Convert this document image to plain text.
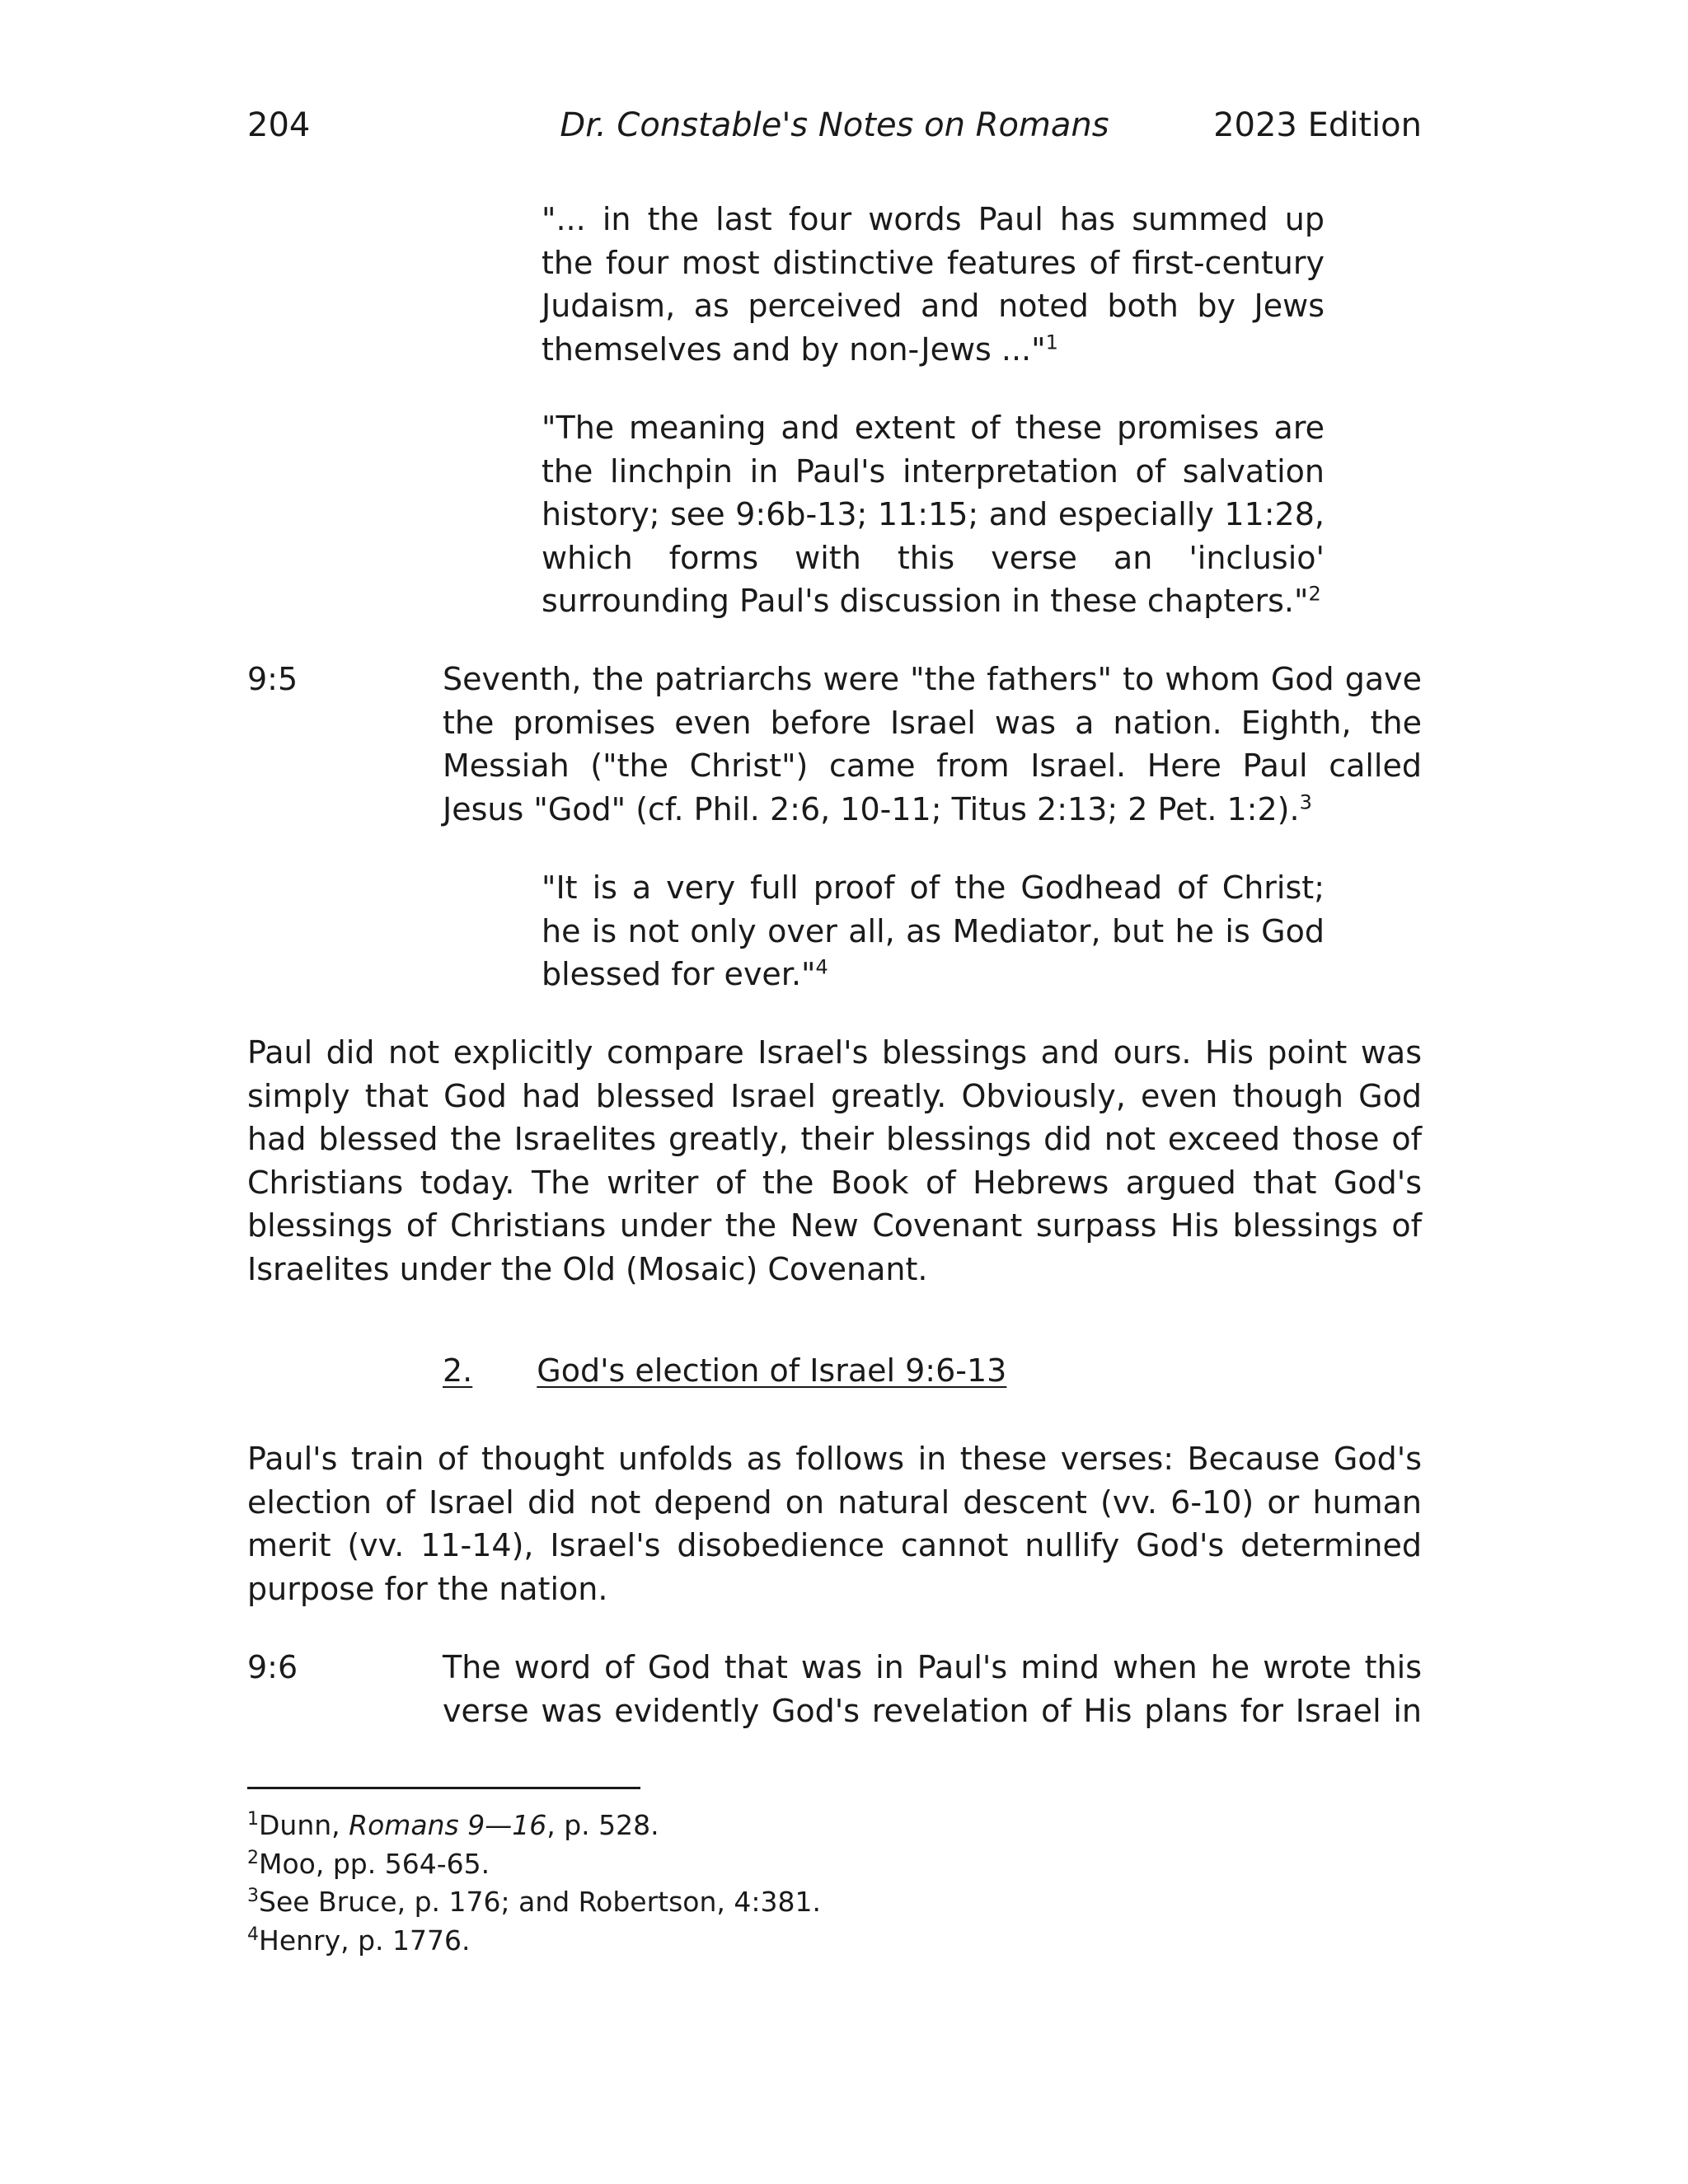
204	Dr. Constable's Notes on Romans	2023 Edition
"... in the last four words Paul has summed up the four most distinctive features of first-century Judaism, as perceived and noted both by Jews themselves and by non-Jews ..."$^1$
"The meaning and extent of these promises are the linchpin in Paul's interpretation of salvation history; see 9:6b-13; 11:15; and especially 11:28, which forms with this verse an 'inclusio' surrounding Paul's discussion in these chapters."$^2$
9:5	Seventh, the patriarchs were "the fathers" to whom God gave the promises even before Israel was a nation. Eighth, the Messiah ("the Christ") came from Israel. Here Paul called Jesus "God" (cf. Phil. 2:6, 10-11; Titus 2:13; 2 Pet. 1:2).$^3$
"It is a very full proof of the Godhead of Christ; he is not only over all, as Mediator, but he is God blessed for ever."$^4$
Paul did not explicitly compare Israel's blessings and ours. His point was simply that God had blessed Israel greatly. Obviously, even though God had blessed the Israelites greatly, their blessings did not exceed those of Christians today. The writer of the Book of Hebrews argued that God's blessings of Christians under the New Covenant surpass His blessings of Israelites under the Old (Mosaic) Covenant.
2. God's election of Israel 9:6-13
Paul's train of thought unfolds as follows in these verses: Because God's election of Israel did not depend on natural descent (vv. 6-10) or human merit (vv. 11-14), Israel's disobedience cannot nullify God's determined purpose for the nation.
9:6	The word of God that was in Paul's mind when he wrote this verse was evidently God's revelation of His plans for Israel in
$^1$Dunn, Romans 9—16, p. 528.
$^2$Moo, pp. 564-65.
$^3$See Bruce, p. 176; and Robertson, 4:381.
$^4$Henry, p. 1776.
